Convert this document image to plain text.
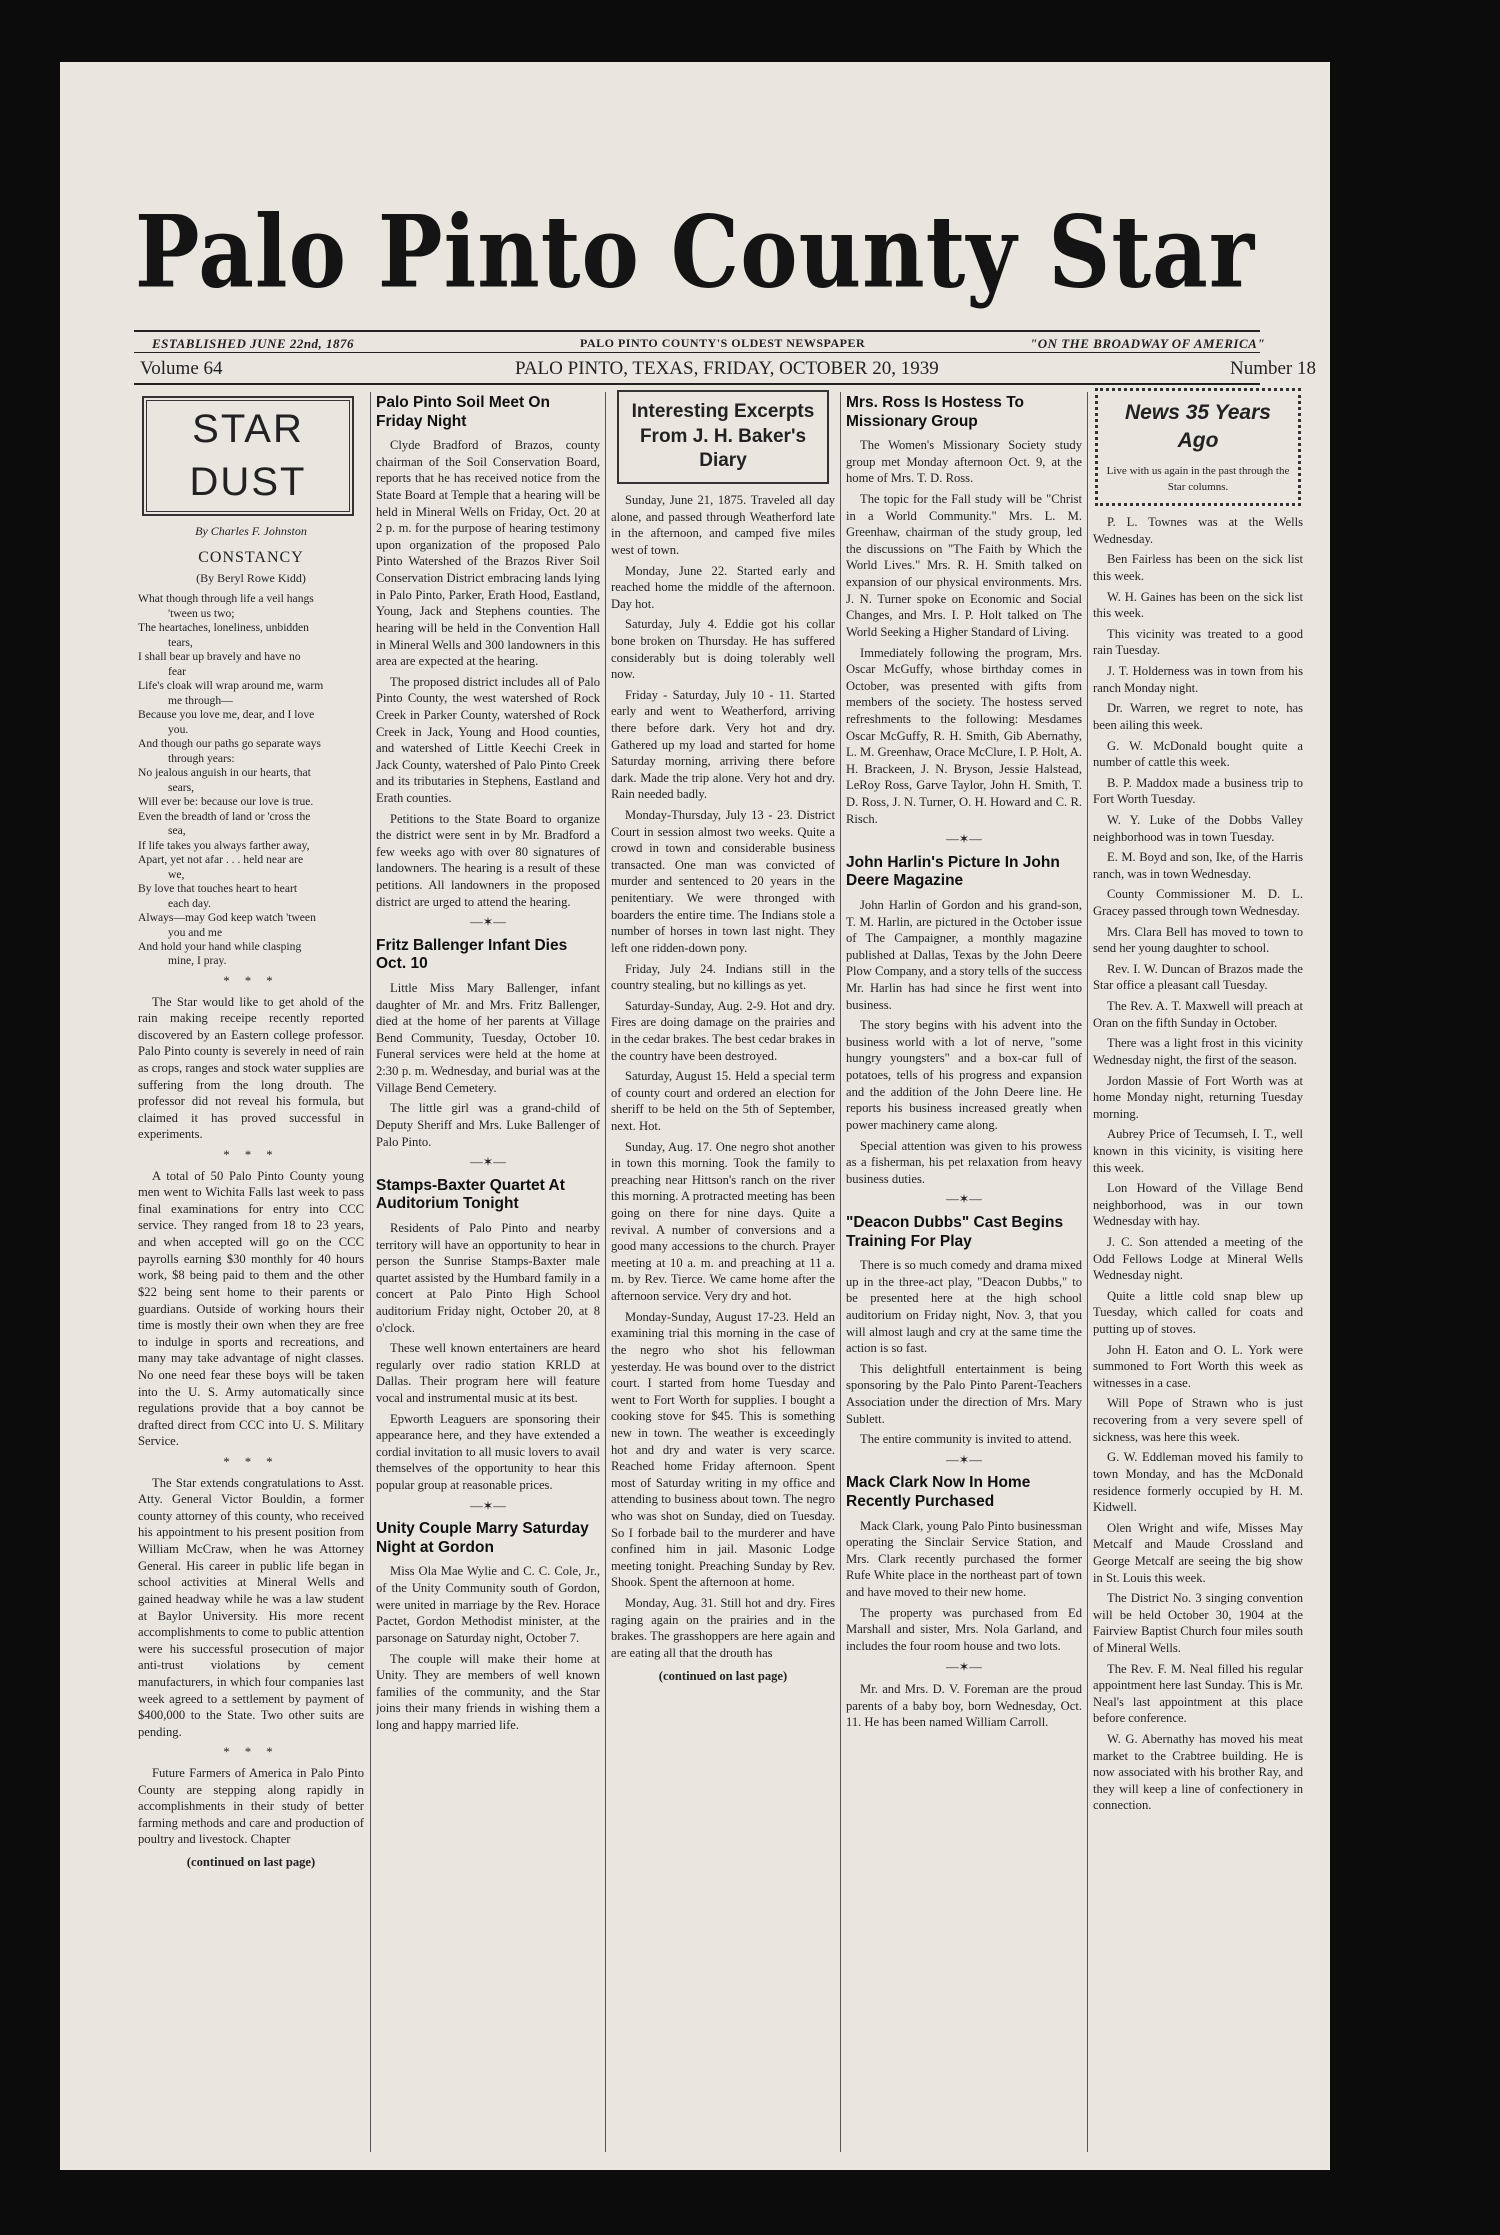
Palo Pinto County Star
ESTABLISHED JUNE 22nd, 1876	PALO PINTO COUNTY'S OLDEST NEWSPAPER	"ON THE BROADWAY OF AMERICA"
Volume 64	PALO PINTO, TEXAS, FRIDAY, OCTOBER 20, 1939	Number 18
STAR DUST
By Charles F. Johnston
CONSTANCY
(By Beryl Rowe Kidd)
What though through life a veil hangs
'tween us two;
The heartaches, loneliness, unbidden
tears,
I shall bear up bravely and have no
fear
Life's cloak will wrap around me, warm
me through—
Because you love me, dear, and I love
you.
And though our paths go separate ways
through years:
No jealous anguish in our hearts, that
sears,
Will ever be: because our love is true.
Even the breadth of land or 'cross the
sea,
If life takes you always farther away,
Apart, yet not afar . . . held near are
we,
By love that touches heart to heart
each day.
Always—may God keep watch 'tween
you and me
And hold your hand while clasping
mine, I pray.
* * *

The Star would like to get ahold of the rain making receipe recently reported discovered by an Eastern college professor. Palo Pinto county is severely in need of rain as crops, ranges and stock water supplies are suffering from the long drouth. The professor did not reveal his formula, but claimed it has proved successful in experiments.

* * *

A total of 50 Palo Pinto County young men went to Wichita Falls last week to pass final examinations for entry into CCC service. They ranged from 18 to 23 years, and when accepted will go on the CCC payrolls earning $30 monthly for 40 hours work, $8 being paid to them and the other $22 being sent home to their parents or guardians. Outside of working hours their time is mostly their own when they are free to indulge in sports and recreations, and many may take advantage of night classes. No one need fear these boys will be taken into the U. S. Army automatically since regulations provide that a boy cannot be drafted direct from CCC into U. S. Military Service.

* * *

The Star extends congratulations to Asst. Atty. General Victor Bouldin, a former county attorney of this county, who received his appointment to his present position from William McCraw, when he was Attorney General. His career in public life began in school activities at Mineral Wells and gained headway while he was a law student at Baylor University. His more recent accomplishments to come to public attention were his successful prosecution of major anti-trust violations by cement manufacturers, in which four companies last week agreed to a settlement by payment of $400,000 to the State. Two other suits are pending.

* * *

Future Farmers of America in Palo Pinto County are stepping along rapidly in accomplishments in their study of better farming methods and care and production of poultry and livestock. Chapter

(continued on last page)
Palo Pinto Soil Meet On Friday Night

Clyde Bradford of Brazos, county chairman of the Soil Conservation Board, reports that he has received notice from the State Board at Temple that a hearing will be held in Mineral Wells on Friday, Oct. 20 at 2 p. m. for the purpose of hearing testimony upon organization of the proposed Palo Pinto Watershed of the Brazos River Soil Conservation District embracing lands lying in Palo Pinto, Parker, Erath Hood, Eastland, Young, Jack and Stephens counties. The hearing will be held in the Convention Hall in Mineral Wells and 300 landowners in this area are expected at the hearing.

The proposed district includes all of Palo Pinto County, the west watershed of Rock Creek in Parker County, watershed of Rock Creek in Jack, Young and Hood counties, and watershed of Little Keechi Creek in Jack County, watershed of Palo Pinto Creek and its tributaries in Stephens, Eastland and Erath counties.

Petitions to the State Board to organize the district were sent in by Mr. Bradford a few weeks ago with over 80 signatures of landowners. The hearing is a result of these petitions. All landowners in the proposed district are urged to attend the hearing.

—✶—
Fritz Ballenger Infant Dies Oct. 10

Little Miss Mary Ballenger, infant daughter of Mr. and Mrs. Fritz Ballenger, died at the home of her parents at Village Bend Community, Tuesday, October 10. Funeral services were held at the home at 2:30 p. m. Wednesday, and burial was at the Village Bend Cemetery.

The little girl was a grand-child of Deputy Sheriff and Mrs. Luke Ballenger of Palo Pinto.

—✶—
Stamps-Baxter Quartet At Auditorium Tonight

Residents of Palo Pinto and nearby territory will have an opportunity to hear in person the Sunrise Stamps-Baxter male quartet assisted by the Humbard family in a concert at Palo Pinto High School auditorium Friday night, October 20, at 8 o'clock.

These well known entertainers are heard regularly over radio station KRLD at Dallas. Their program here will feature vocal and instrumental music at its best.

Epworth Leaguers are sponsoring their appearance here, and they have extended a cordial invitation to all music lovers to avail themselves of the opportunity to hear this popular group at reasonable prices.

—✶—
Unity Couple Marry Saturday Night at Gordon

Miss Ola Mae Wylie and C. C. Cole, Jr., of the Unity Community south of Gordon, were united in marriage by the Rev. Horace Pactet, Gordon Methodist minister, at the parsonage on Saturday night, October 7.

The couple will make their home at Unity. They are members of well known families of the community, and the Star joins their many friends in wishing them a long and happy married life.

Interesting Excerpts From J. H. Baker's Diary

Sunday, June 21, 1875. Traveled all day alone, and passed through Weatherford late in the afternoon, and camped five miles west of town.

Monday, June 22. Started early and reached home the middle of the afternoon. Day hot.

Saturday, July 4. Eddie got his collar bone broken on Thursday. He has suffered considerably but is doing tolerably well now.

Friday - Saturday, July 10 - 11. Started early and went to Weatherford, arriving there before dark. Very hot and dry. Gathered up my load and started for home Saturday morning, arriving there before dark. Made the trip alone. Very hot and dry. Rain needed badly.

Monday-Thursday, July 13 - 23. District Court in session almost two weeks. Quite a crowd in town and considerable business transacted. One man was convicted of murder and sentenced to 20 years in the penitentiary. We were thronged with boarders the entire time. The Indians stole a number of horses in town last night. They left one ridden-down pony.

Friday, July 24. Indians still in the country stealing, but no killings as yet.

Saturday-Sunday, Aug. 2-9. Hot and dry. Fires are doing damage on the prairies and in the cedar brakes. The best cedar brakes in the country have been destroyed.

Saturday, August 15. Held a special term of county court and ordered an election for sheriff to be held on the 5th of September, next. Hot.

Sunday, Aug. 17. One negro shot another in town this morning. Took the family to preaching near Hittson's ranch on the river this morning. A protracted meeting has been going on there for nine days. Quite a revival. A number of conversions and a good many accessions to the church. Prayer meeting at 10 a. m. and preaching at 11 a. m. by Rev. Tierce. We came home after the afternoon service. Very dry and hot.

Monday-Sunday, August 17-23. Held an examining trial this morning in the case of the negro who shot his fellowman yesterday. He was bound over to the district court. I started from home Tuesday and went to Fort Worth for supplies. I bought a cooking stove for $45. This is something new in town. The weather is exceedingly hot and dry and water is very scarce. Reached home Friday afternoon. Spent most of Saturday writing in my office and attending to business about town. The negro who was shot on Sunday, died on Tuesday. So I forbade bail to the murderer and have confined him in jail. Masonic Lodge meeting tonight. Preaching Sunday by Rev. Shook. Spent the afternoon at home.

Monday, Aug. 31. Still hot and dry. Fires raging again on the prairies and in the brakes. The grasshoppers are here again and are eating all that the drouth has

(continued on last page)
Mrs. Ross Is Hostess To Missionary Group

The Women's Missionary Society study group met Monday afternoon Oct. 9, at the home of Mrs. T. D. Ross.

The topic for the Fall study will be "Christ in a World Community." Mrs. L. M. Greenhaw, chairman of the study group, led the discussions on "The Faith by Which the World Lives." Mrs. R. H. Smith talked on expansion of our physical environments. Mrs. J. N. Turner spoke on Economic and Social Changes, and Mrs. I. P. Holt talked on The World Seeking a Higher Standard of Living.

Immediately following the program, Mrs. Oscar McGuffy, whose birthday comes in October, was presented with gifts from members of the society. The hostess served refreshments to the following: Mesdames Oscar McGuffy, R. H. Smith, Gib Abernathy, L. M. Greenhaw, Orace McClure, I. P. Holt, A. H. Brackeen, J. N. Bryson, Jessie Halstead, LeRoy Ross, Garve Taylor, John H. Smith, T. D. Ross, J. N. Turner, O. H. Howard and C. R. Risch.

—✶—
John Harlin's Picture In John Deere Magazine

John Harlin of Gordon and his grand-son, T. M. Harlin, are pictured in the October issue of The Campaigner, a monthly magazine published at Dallas, Texas by the John Deere Plow Company, and a story tells of the success Mr. Harlin has had since he first went into business.

The story begins with his advent into the business world with a lot of nerve, "some hungry youngsters" and a box-car full of potatoes, tells of his progress and expansion and the addition of the John Deere line. He reports his business increased greatly when power machinery came along.

Special attention was given to his prowess as a fisherman, his pet relaxation from heavy business duties.

—✶—
"Deacon Dubbs" Cast Begins Training For Play

There is so much comedy and drama mixed up in the three-act play, "Deacon Dubbs," to be presented here at the high school auditorium on Friday night, Nov. 3, that you will almost laugh and cry at the same time the action is so fast.

This delightfull entertainment is being sponsoring by the Palo Pinto Parent-Teachers Association under the direction of Mrs. Mary Sublett.

The entire community is invited to attend.

—✶—
Mack Clark Now In Home Recently Purchased

Mack Clark, young Palo Pinto businessman operating the Sinclair Service Station, and Mrs. Clark recently purchased the former Rufe White place in the northeast part of town and have moved to their new home.

The property was purchased from Ed Marshall and sister, Mrs. Nola Garland, and includes the four room house and two lots.

—✶—

Mr. and Mrs. D. V. Foreman are the proud parents of a baby boy, born Wednesday, Oct. 11. He has been named William Carroll.

News 35 Years Ago
Live with us again in the past through the Star columns.

P. L. Townes was at the Wells Wednesday.

Ben Fairless has been on the sick list this week.

W. H. Gaines has been on the sick list this week.

This vicinity was treated to a good rain Tuesday.

J. T. Holderness was in town from his ranch Monday night.

Dr. Warren, we regret to note, has been ailing this week.

G. W. McDonald bought quite a number of cattle this week.

B. P. Maddox made a business trip to Fort Worth Tuesday.

W. Y. Luke of the Dobbs Valley neighborhood was in town Tuesday.

E. M. Boyd and son, Ike, of the Harris ranch, was in town Wednesday.

County Commissioner M. D. L. Gracey passed through town Wednesday.

Mrs. Clara Bell has moved to town to send her young daughter to school.

Rev. I. W. Duncan of Brazos made the Star office a pleasant call Tuesday.

The Rev. A. T. Maxwell will preach at Oran on the fifth Sunday in October.

There was a light frost in this vicinity Wednesday night, the first of the season.

Jordon Massie of Fort Worth was at home Monday night, returning Tuesday morning.

Aubrey Price of Tecumseh, I. T., well known in this vicinity, is visiting here this week.

Lon Howard of the Village Bend neighborhood, was in our town Wednesday with hay.

J. C. Son attended a meeting of the Odd Fellows Lodge at Mineral Wells Wednesday night.

Quite a little cold snap blew up Tuesday, which called for coats and putting up of stoves.

John H. Eaton and O. L. York were summoned to Fort Worth this week as witnesses in a case.

Will Pope of Strawn who is just recovering from a very severe spell of sickness, was here this week.

G. W. Eddleman moved his family to town Monday, and has the McDonald residence formerly occupied by H. M. Kidwell.

Olen Wright and wife, Misses May Metcalf and Maude Crossland and George Metcalf are seeing the big show in St. Louis this week.

The District No. 3 singing convention will be held October 30, 1904 at the Fairview Baptist Church four miles south of Mineral Wells.

The Rev. F. M. Neal filled his regular appointment here last Sunday. This is Mr. Neal's last appointment at this place before conference.

W. G. Abernathy has moved his meat market to the Crabtree building. He is now associated with his brother Ray, and they will keep a line of confectionery in connection.
